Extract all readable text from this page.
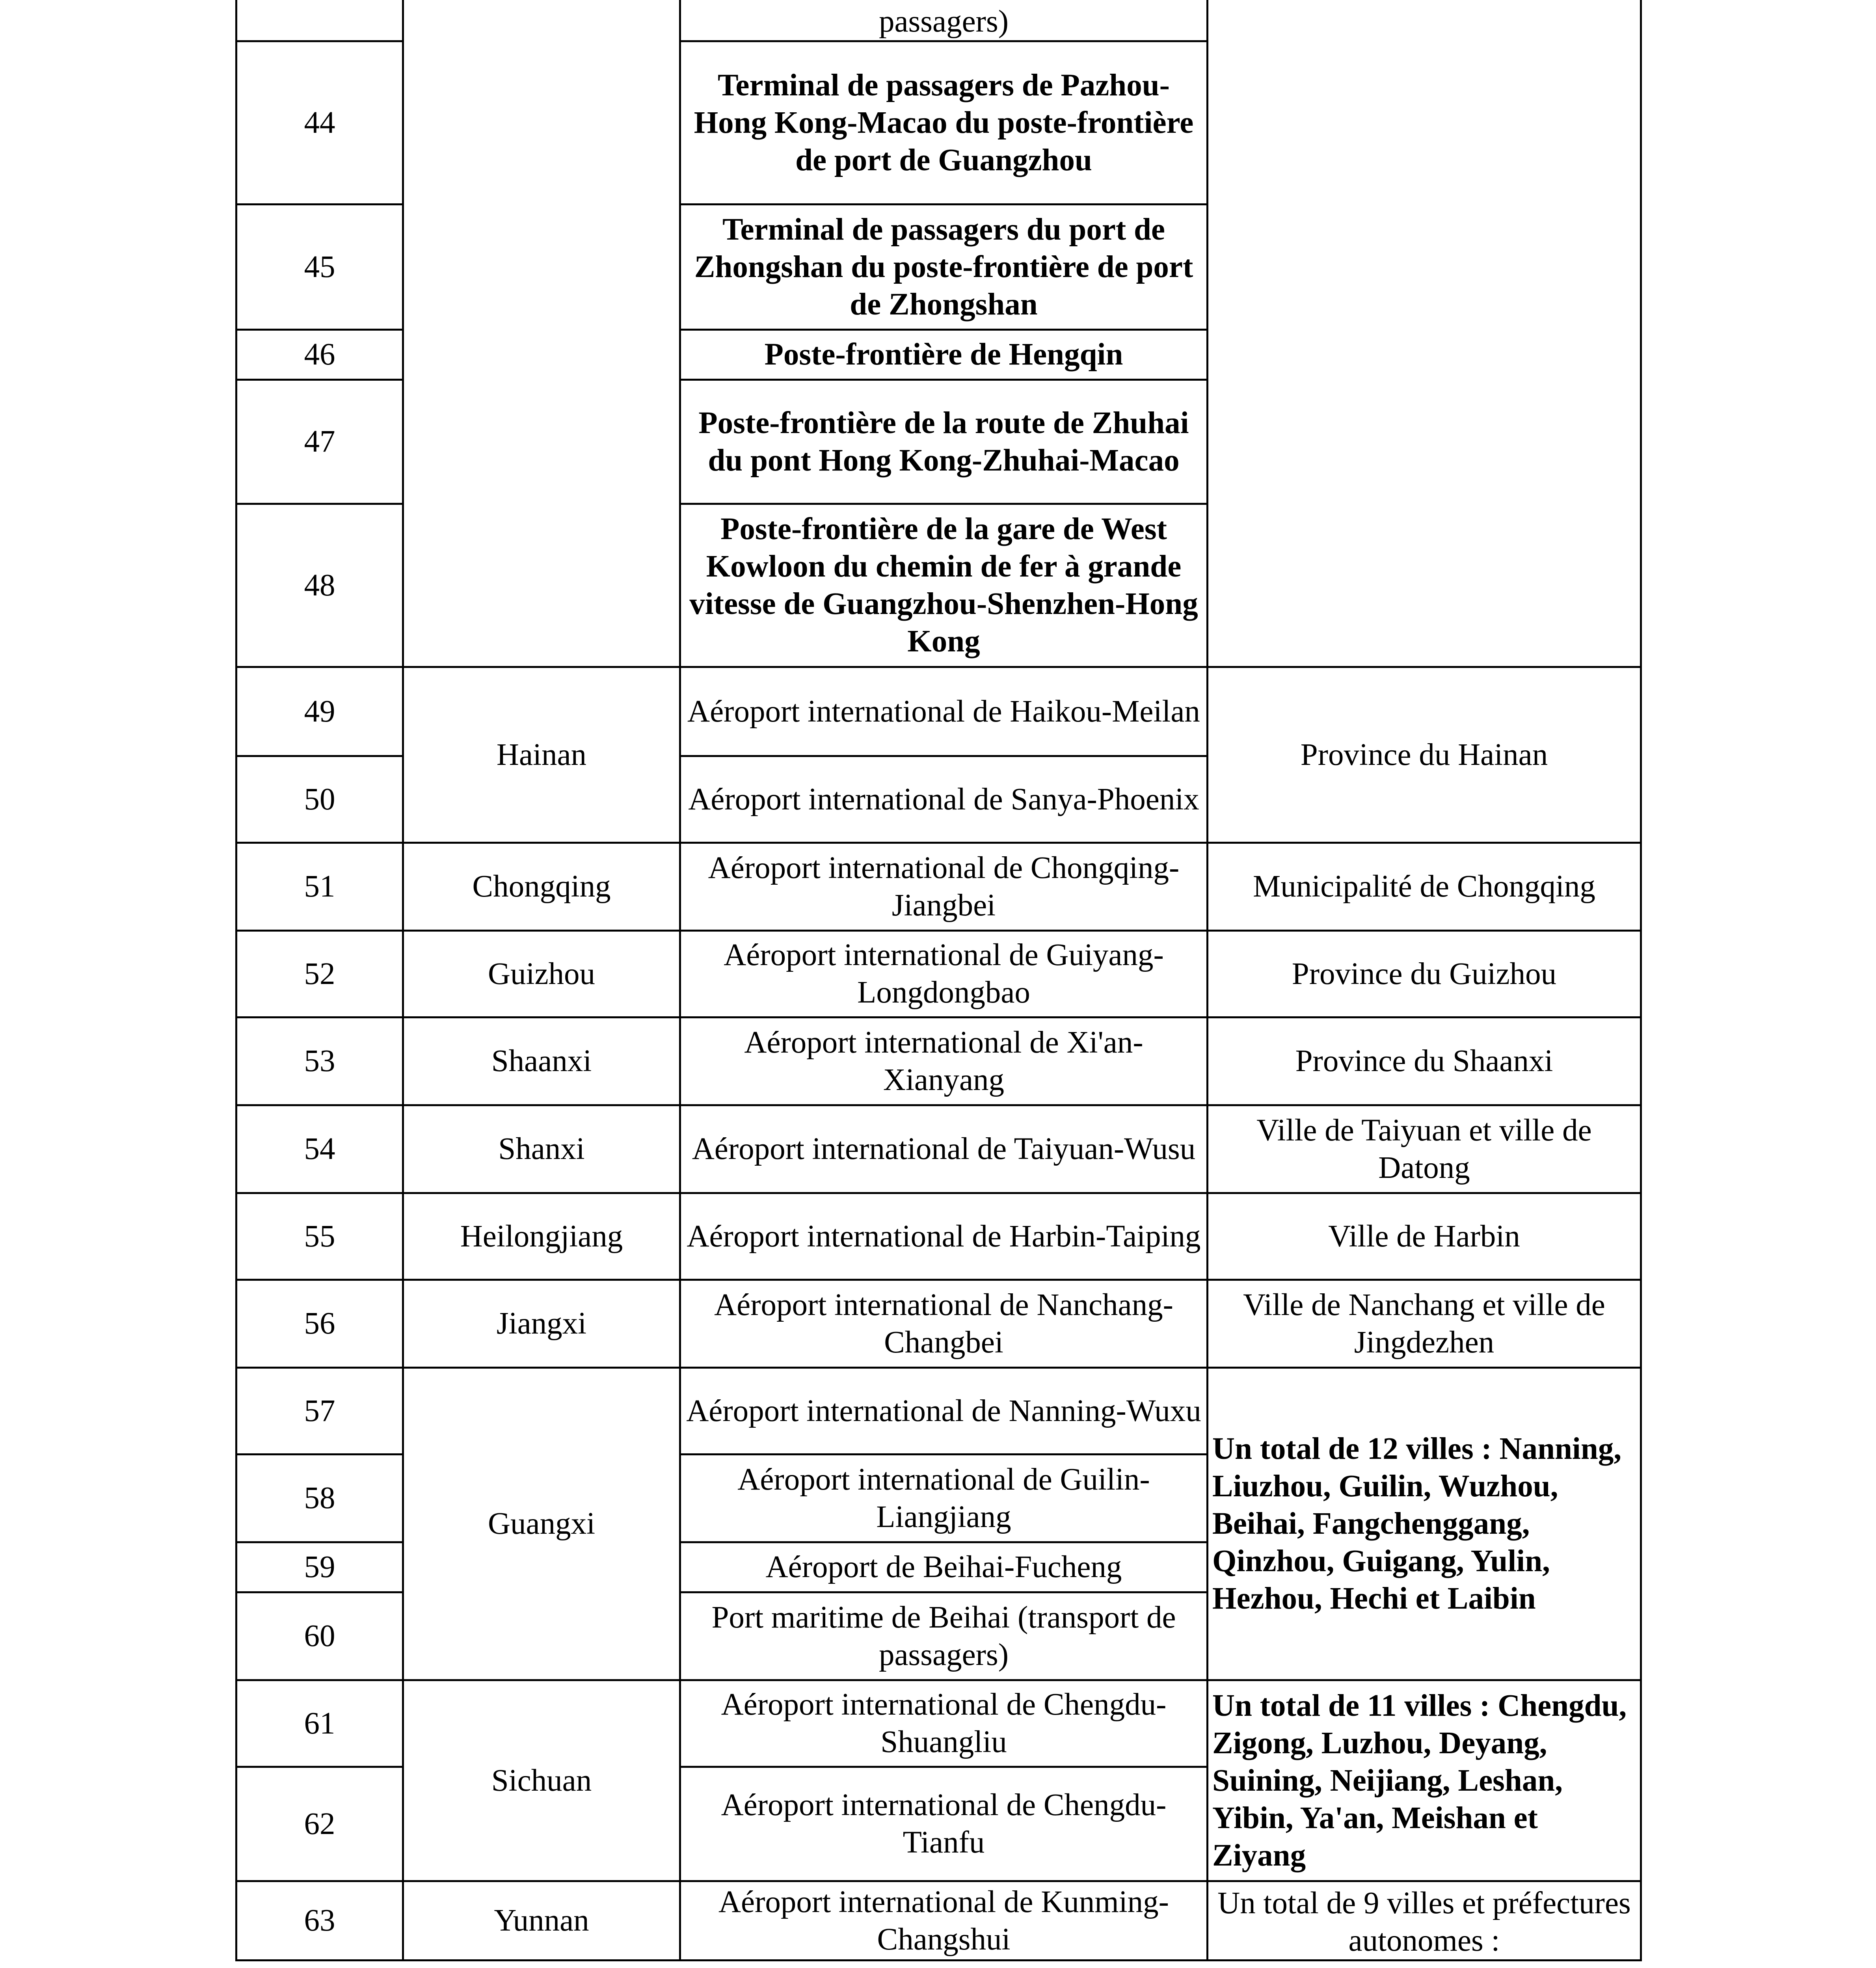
		passagers)	
44		Terminal de passagers de Pazhou-Hong Kong-Macao du poste-frontière de port de Guangzhou	
45		Terminal de passagers du port de Zhongshan du poste-frontière de port de Zhongshan	
46		Poste-frontière de Hengqin	
47		Poste-frontière de la route de Zhuhai du pont Hong Kong-Zhuhai-Macao	
48		Poste-frontière de la gare de West Kowloon du chemin de fer à grande vitesse de Guangzhou-Shenzhen-Hong Kong	
49	Hainan	Aéroport international de Haikou-Meilan	Province du Hainan
50		Aéroport international de Sanya-Phoenix	
51	Chongqing	Aéroport international de Chongqing-Jiangbei	Municipalité de Chongqing
52	Guizhou	Aéroport international de Guiyang-Longdongbao	Province du Guizhou
53	Shaanxi	Aéroport international de Xi'an-Xianyang	Province du Shaanxi
54	Shanxi	Aéroport international de Taiyuan-Wusu	Ville de Taiyuan et ville de Datong
55	Heilongjiang	Aéroport international de Harbin-Taiping	Ville de Harbin
56	Jiangxi	Aéroport international de Nanchang-Changbei	Ville de Nanchang et ville de Jingdezhen
57	Guangxi	Aéroport international de Nanning-Wuxu	Un total de 12 villes : Nanning, Liuzhou, Guilin, Wuzhou, Beihai, Fangchenggang, Qinzhou, Guigang, Yulin, Hezhou, Hechi et Laibin
58		Aéroport international de Guilin-Liangjiang	
59		Aéroport de Beihai-Fucheng	
60		Port maritime de Beihai (transport de passagers)	
61	Sichuan	Aéroport international de Chengdu-Shuangliu	Un total de 11 villes : Chengdu, Zigong, Luzhou, Deyang, Suining, Neijiang, Leshan, Yibin, Ya'an, Meishan et Ziyang
62		Aéroport international de Chengdu-Tianfu	
63	Yunnan	Aéroport international de Kunming-Changshui	Un total de 9 villes et préfectures autonomes :
